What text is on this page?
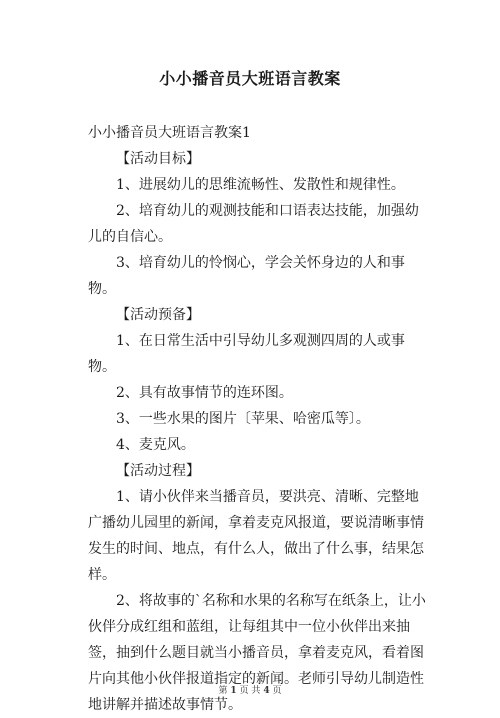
小小播音员大班语言教案
小小播音员大班语言教案1

【活动目标】

1、进展幼儿的思维流畅性、发散性和规律性。

2、培育幼儿的观测技能和口语表达技能，加强幼儿的自信心。

3、培育幼儿的怜悯心，学会关怀身边的人和事物。

【活动预备】

1、在日常生活中引导幼儿多观测四周的人或事物。

2、具有故事情节的连环图。

3、一些水果的图片〔苹果、哈密瓜等〕。

4、麦克风。

【活动过程】

1、请小伙伴来当播音员，要洪亮、清晰、完整地广播幼儿园里的新闻，拿着麦克风报道，要说清晰事情发生的时间、地点，有什么人，做出了什么事，结果怎样。

2、将故事的`名称和水果的名称写在纸条上，让小伙伴分成红组和蓝组，让每组其中一位小伙伴出来抽签，抽到什么题目就当小播音员，拿着麦克风，看着图片向其他小伙伴报道指定的新闻。老师引导幼儿制造性地讲解并描述故事情节。

第 1 页 共 4 页
